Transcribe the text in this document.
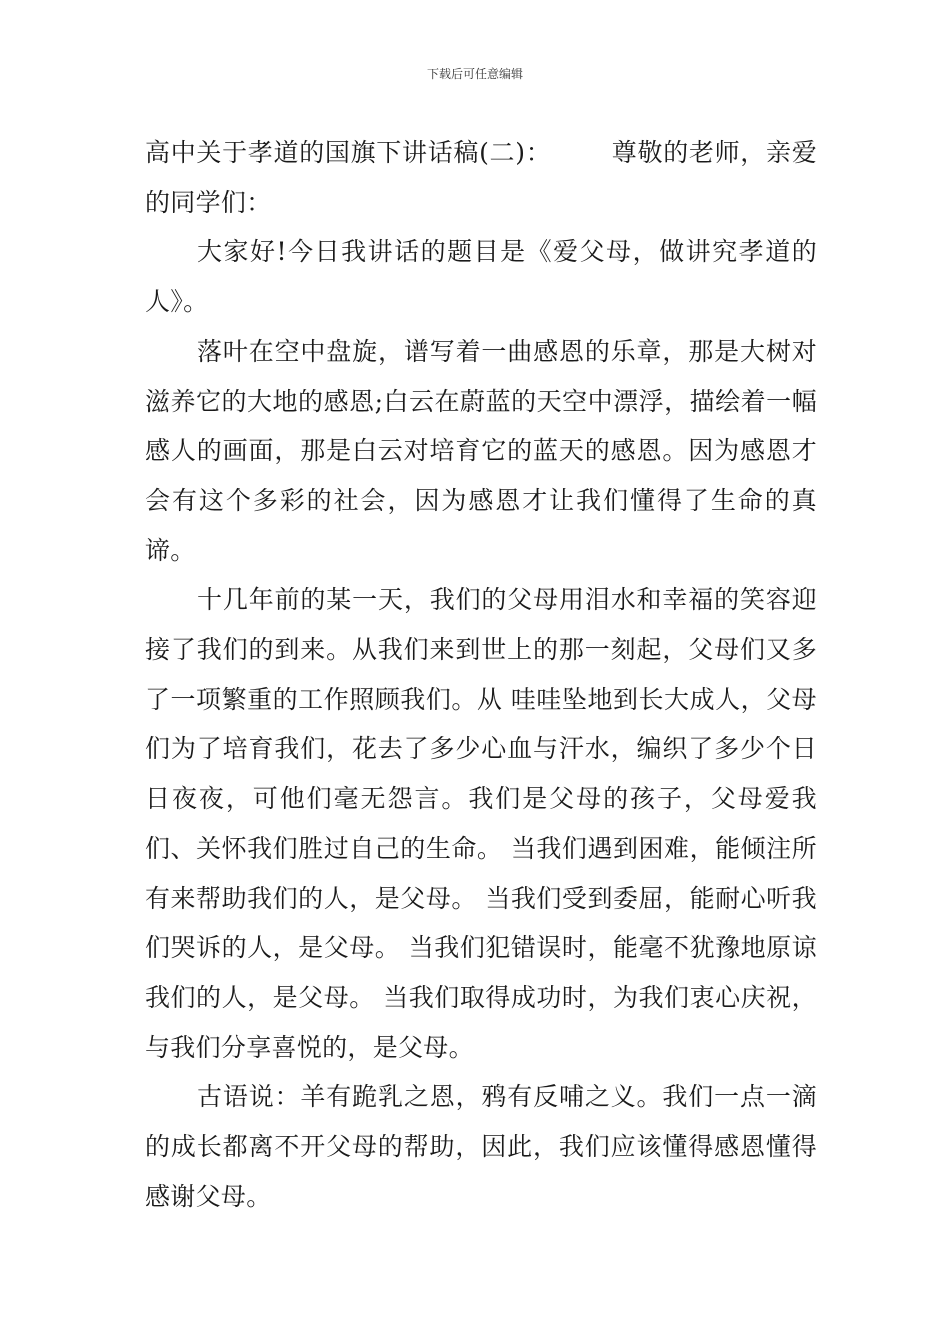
下载后可任意编辑

高中关于孝道的国旗下讲话稿(二)： 尊敬的老师，亲爱的同学们：

大家好!今日我讲话的题目是《爱父母，做讲究孝道的人》。

落叶在空中盘旋，谱写着一曲感恩的乐章，那是大树对滋养它的大地的感恩;白云在蔚蓝的天空中漂浮，描绘着一幅感人的画面，那是白云对培育它的蓝天的感恩。因为感恩才会有这个多彩的社会，因为感恩才让我们懂得了生命的真谛。

十几年前的某一天，我们的父母用泪水和幸福的笑容迎接了我们的到来。从我们来到世上的那一刻起，父母们又多了一项繁重的工作照顾我们。从 哇哇坠地到长大成人，父母们为了培育我们，花去了多少心血与汗水，编织了多少个日日夜夜，可他们毫无怨言。我们是父母的孩子，父母爱我们、关怀我们胜过自己的生命。 当我们遇到困难，能倾注所有来帮助我们的人，是父母。 当我们受到委屈，能耐心听我们哭诉的人，是父母。 当我们犯错误时，能毫不犹豫地原谅我们的人，是父母。 当我们取得成功时，为我们衷心庆祝，与我们分享喜悦的，是父母。

古语说：羊有跪乳之恩，鸦有反哺之义。我们一点一滴的成长都离不开父母的帮助，因此，我们应该懂得感恩懂得感谢父母。
